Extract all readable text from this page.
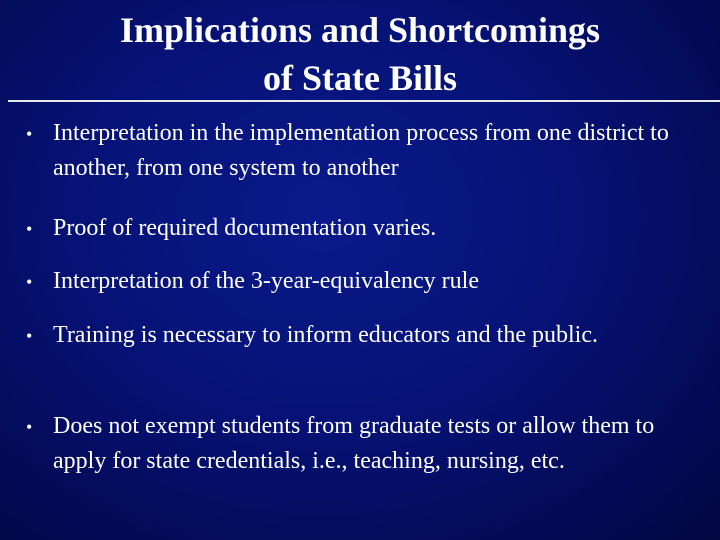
Implications and Shortcomings
of State Bills
• Interpretation in the implementation process from one district to another, from one system to another
• Proof of required documentation varies.
• Interpretation of the 3-year-equivalency rule
• Training is necessary to inform educators and the public.
• Does not exempt students from graduate tests or allow them to apply for state credentials, i.e., teaching, nursing, etc.
